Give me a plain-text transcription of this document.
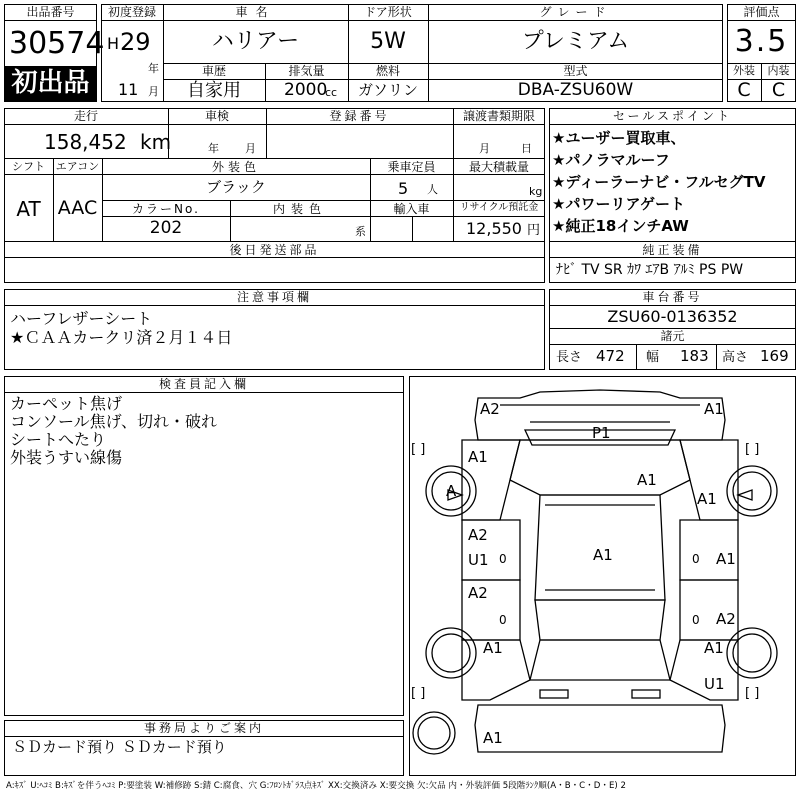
出品番号
30574
初出品
初度登録
H 29
年
11 月
車名
ハリアー
ドア形状
5W
グレード
プレミアム
車歴
自家用
排気量
2000
cc
燃料
ガソリン
型式
DBA-ZSU60W
評価点
3.5
外装	内装
C	C
走行
158,452 km
車検
年 月
登録番号	譲渡書類期限
月	日
シフト
AT
エアコン
AAC
外装色
ブラック
乗車定員
5 人
最大積載量
kg
カラーNo.
202
内装色
系
輸入車	リサイクル預託金
12,550 円
後日発送部品
セールスポイント
★ユーザー買取車、
★パノラマルーフ
★ディーラーナビ・フルセグTV
★パワーリアゲート
★純正18インチAW
純正装備
ﾅﾋﾞ TV SR ｶﾜ ｴｱB ｱﾙﾐ PS PW
注意事項欄
ハーフレザーシート
★ＣＡＡカークリ済２月１４日
車台番号
ZSU60-0136352
諸元
長さ 472 幅 183 高さ 169
検査員記入欄
カーペット焦げ
コンソール焦げ、切れ・破れ
シートへたり
外装うすい線傷
事務局よりご案内
ＳＤカード預り ＳＤカード預り
[ ]	[ ]
[ ]	[ ]
A2	A1
P1
A1
A
A1
A1
A2
U1	A1	A1
A2
A2
A1	A1
U1
A1
0
0
0
0
A:ｷｽﾞ U:ﾍｺﾐ B:ｷｽﾞを伴うﾍｺﾐ P:要塗装 W:補修跡 S:錆 C:腐食、穴 G:ﾌﾛﾝﾄｶﾞﾗｽ点ｷｽﾞ XX:交換済み X:要交換 欠:欠品 内・外装評価 5段階ﾗﾝｸ順(A・B・C・D・E) 2
